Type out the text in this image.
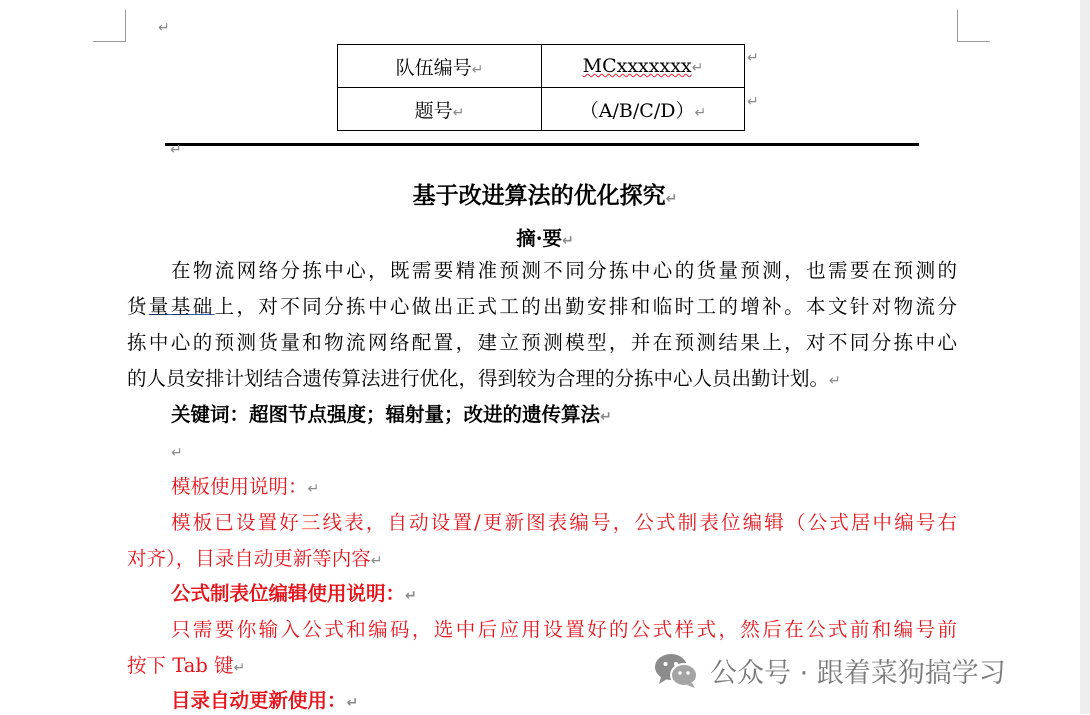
↵
队伍编号↵	MCxxxxxxx↵
题号↵	（A/B/C/D）↵
↵
↵
↵
基于改进算法的优化探究↵
摘·要↵
在物流网络分拣中心，既需要精准预测不同分拣中心的货量预测，也需要在预测的
货量基础上，对不同分拣中心做出正式工的出勤安排和临时工的增补。本文针对物流分
拣中心的预测货量和物流网络配置，建立预测模型，并在预测结果上，对不同分拣中心
的人员安排计划结合遗传算法进行优化，得到较为合理的分拣中心人员出勤计划。↵
关键词：超图节点强度；辐射量；改进的遗传算法↵
↵
模板使用说明：↵
模板已设置好三线表，自动设置/更新图表编号，公式制表位编辑（公式居中编号右
对齐），目录自动更新等内容↵
公式制表位编辑使用说明：↵
只需要你输入公式和编码，选中后应用设置好的公式样式，然后在公式前和编号前
按下 Tab 键↵
目录自动更新使用：↵
公众号 · 跟着菜狗搞学习
